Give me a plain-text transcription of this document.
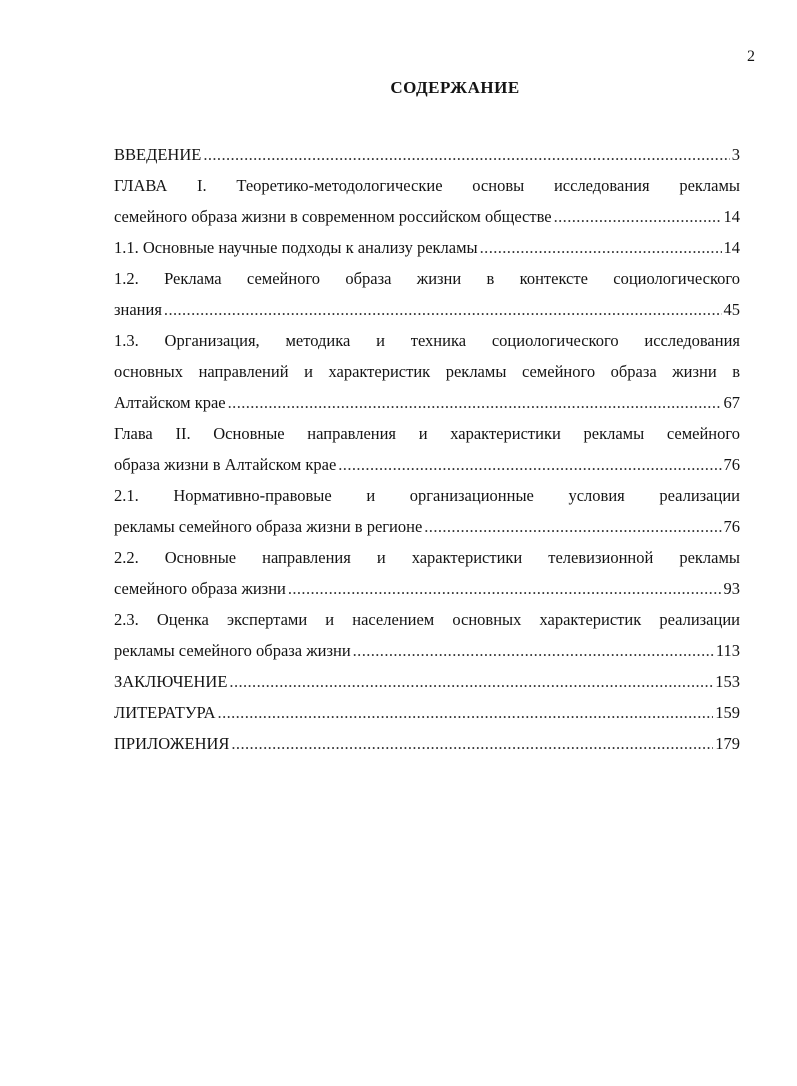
2
СОДЕРЖАНИЕ
ВВЕДЕНИЕ .....	3
ГЛАВА I. Теоретико-методологические основы исследования рекламы
семейного образа жизни в современном российском обществе .....	14
1.1. Основные научные подходы к анализу рекламы .....	14
1.2. Реклама семейного образа жизни в контексте социологического
знания .....	45
1.3. Организация, методика и техника социологического исследования
основных направлений и характеристик рекламы семейного образа жизни в
Алтайском крае .....	67
Глава II. Основные направления и характеристики рекламы семейного
образа жизни в Алтайском крае .....	76
2.1. Нормативно-правовые и организационные условия реализации
рекламы семейного образа жизни в регионе .....	76
2.2. Основные направления и характеристики телевизионной рекламы
семейного образа жизни .....	93
2.3. Оценка экспертами и населением основных характеристик реализации
рекламы семейного образа жизни .....	113
ЗАКЛЮЧЕНИЕ .....	153
ЛИТЕРАТУРА .....	159
ПРИЛОЖЕНИЯ .....	179
